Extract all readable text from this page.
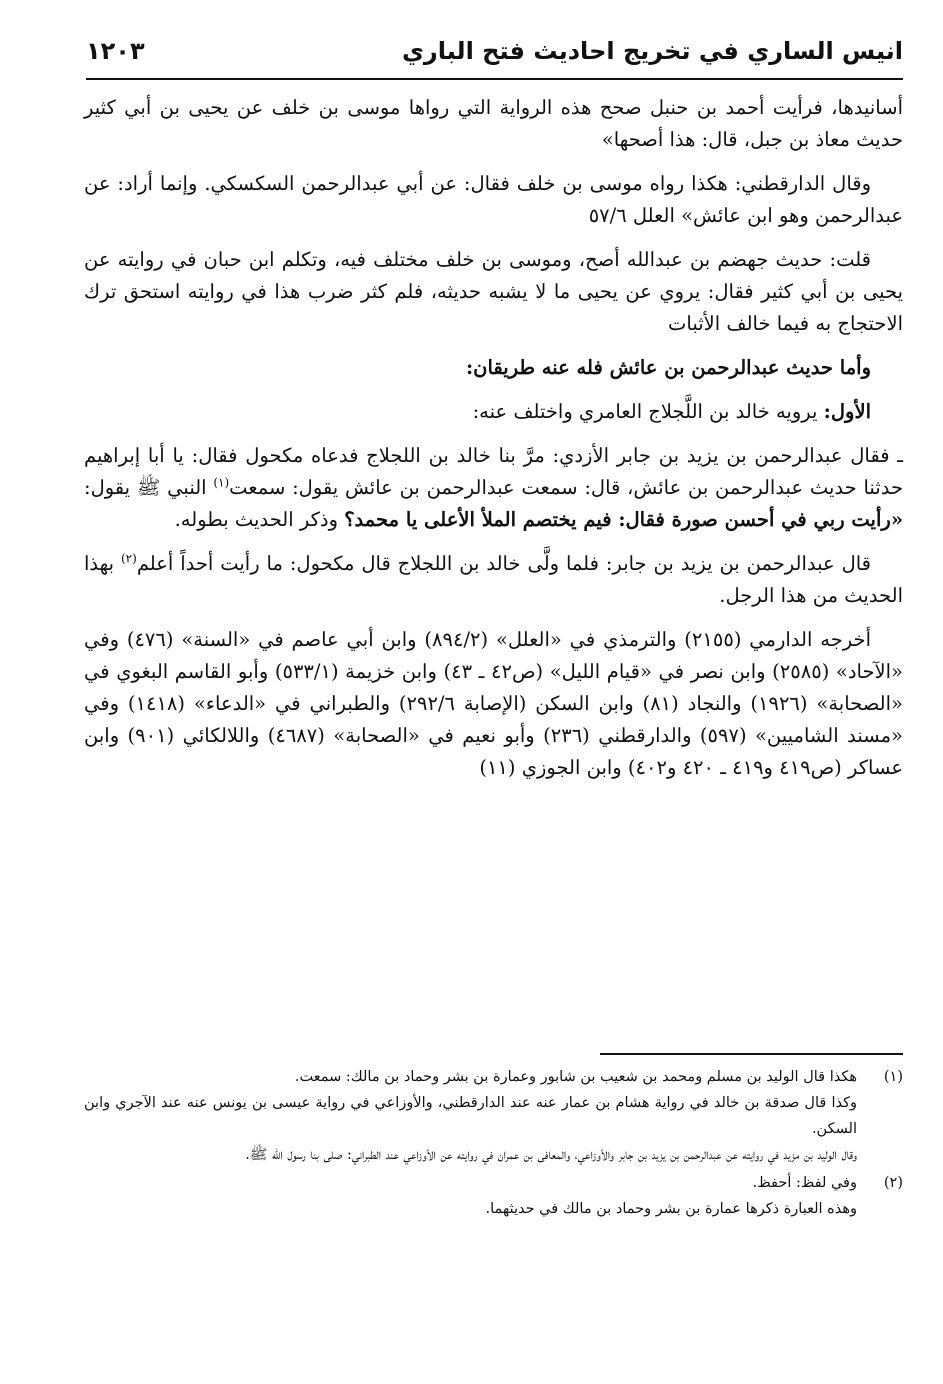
انيس الساري في تخريج احاديث فتح الباري
١٢٠٣

أسانيدها، فرأيت أحمد بن حنبل صحح هذه الرواية التي رواها موسى بن خلف عن يحيى بن أبي كثير حديث معاذ بن جبل، قال: هذا أصحها»

وقال الدارقطني: هكذا رواه موسى بن خلف فقال: عن أبي عبدالرحمن السكسكي. وإنما أراد: عن عبدالرحمن وهو ابن عائش» العلل ٥٧/٦

قلت: حديث جهضم بن عبدالله أصح، وموسى بن خلف مختلف فيه، وتكلم ابن حبان في روايته عن يحيى بن أبي كثير فقال: يروي عن يحيى ما لا يشبه حديثه، فلم كثر ضرب هذا في روايته استحق ترك الاحتجاج به فيما خالف الأثبات

وأما حديث عبدالرحمن بن عائش فله عنه طريقان:

الأول: يرويه خالد بن اللَّجلاج العامري واختلف عنه:

ـ فقال عبدالرحمن بن يزيد بن جابر الأزدي: مرَّ بنا خالد بن اللجلاج فدعاه مكحول فقال: يا أبا إبراهيم حدثنا حديث عبدالرحمن بن عائش، قال: سمعت عبدالرحمن بن عائش يقول: سمعت$^{(١)}$ النبي ﷺ يقول: «رأيت ربي في أحسن صورة فقال: فيم يختصم الملأ الأعلى يا محمد؟ وذكر الحديث بطوله.

قال عبدالرحمن بن يزيد بن جابر: فلما ولَّى خالد بن اللجلاج قال مكحول: ما رأيت أحداً أعلم$^{(٢)}$ بهذا الحديث من هذا الرجل.

أخرجه الدارمي (٢١٥٥) والترمذي في «العلل» (٨٩٤/٢) وابن أبي عاصم في «السنة» (٤٧٦) وفي «الآحاد» (٢٥٨٥) وابن نصر في «قيام الليل» (ص٤٢ ـ ٤٣) وابن خزيمة (٥٣٣/١) وأبو القاسم البغوي في «الصحابة» (١٩٢٦) والنجاد (٨١) وابن السكن (الإصابة ٢٩٢/٦) والطبراني في «الدعاء» (١٤١٨) وفي «مسند الشاميين» (٥٩٧) والدارقطني (٢٣٦) وأبو نعيم في «الصحابة» (٤٦٨٧) واللالكائي (٩٠١) وابن عساكر (ص٤١٩ و٤١٩ ـ ٤٢٠ و٤٠٢) وابن الجوزي (١١)

(١)
هكذا قال الوليد بن مسلم ومحمد بن شعيب بن شابور وعمارة بن بشر وحماد بن مالك: سمعت.
وكذا قال صدقة بن خالد في رواية هشام بن عمار عنه عند الدارقطني، والأوزاعي في رواية عيسى بن يونس عنه عند الآجري وابن السكن.
وقال الوليد بن مزيد في روايته عن عبدالرحمن بن يزيد بن جابر والأوزاعي، والمعافى بن عمران في روايته عن الأوزاعي عند الطبراني: صلى بنا رسول الله ﷺ.
(٢)
وفي لفظ: أحفظ.
وهذه العبارة ذكرها عمارة بن بشر وحماد بن مالك في حديثهما.
